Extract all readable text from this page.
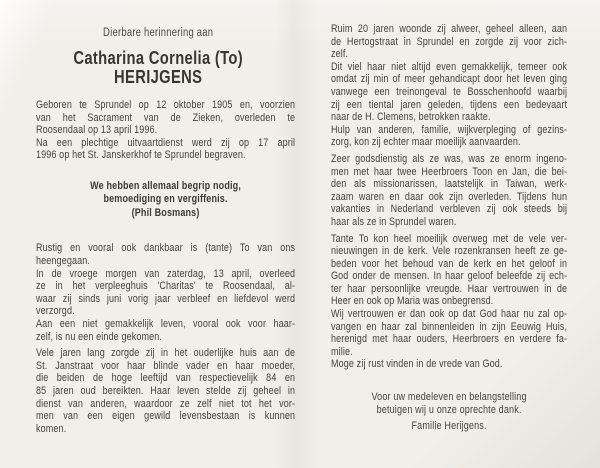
Dierbare herinnering aan
Catharina Cornelia (To)
HERIJGENS
Geboren te Sprundel op 12 oktober 1905 en, voorzien
van het Sacrament van de Zieken, overleden te
Roosendaal op 13 april 1996.
Na een plechtige uitvaartdienst werd zij op 17 april
1996 op het St. Janskerkhof te Sprundel begraven.
We hebben allemaal begrip nodig,
bemoediging en vergiffenis.
(Phil Bosmans)
Rustig en vooral ook dankbaar is (tante) To van ons
heengegaan.
In de vroege morgen van zaterdag, 13 april, overleed
ze in het verpleeghuis 'Charitas' te Roosendaal, al-
waar zij sinds juni vorig jaar verbleef en liefdevol werd
verzorgd.
Aan een niet gemakkelijk leven, vooral ook voor haar-
zelf, is nu een einde gekomen.
Vele jaren lang zorgde zij in het ouderlijke huis aan de
St. Janstraat voor haar blinde vader en haar moeder,
die beiden de hoge leeftijd van respectievelijk 84 en
85 jaren oud bereikten. Haar leven stelde zij geheel in
dienst van anderen, waardoor ze zelf niet tot het vor-
men van een eigen gewild levensbestaan is kunnen
komen.
Ruim 20 jaren woonde zij alweer, geheel alleen, aan
de Hertogstraat in Sprundel en zorgde zij voor zich-
zelf.
Dit viel haar niet altijd even gemakkelijk, temeer ook
omdat zij min of meer gehandicapt door het leven ging
vanwege een treinongeval te Bosschenhoofd waarbij
zij een tiental jaren geleden, tijdens een bedevaart
naar de H. Clemens, betrokken raakte.
Hulp van anderen, familie, wijkverpleging of gezins-
zorg, kon zij echter maar moeilijk aanvaarden.
Zeer godsdienstig als ze was, was ze enorm ingeno-
men met haar twee Heerbroers Toon en Jan, die bei-
den als missionarissen, laatstelijk in Taiwan, werk-
zaam waren en daar ook zijn overleden. Tijdens hun
vakanties in Nederland verbleven zij ook steeds bij
haar als ze in Sprundel waren.
Tante To kon heel moeilijk overweg met de vele ver-
nieuwingen in de kerk. Vele rozenkransen heeft ze ge-
beden voor het behoud van de kerk en het geloof in
God onder de mensen. In haar geloof beleefde zij ech-
ter haar persoonlijke vreugde. Haar vertrouwen in de
Heer en ook op Maria was onbegrensd.
Wij vertrouwen er dan ook op dat God haar nu zal op-
vangen en haar zal binnenleiden in zijn Eeuwig Huis,
herenigd met haar ouders, Heerbroers en verdere fa-
milie.
Moge zij rust vinden in de vrede van God.
Voor uw medeleven en belangstelling
betuigen wij u onze oprechte dank.
Familie Herijgens.
